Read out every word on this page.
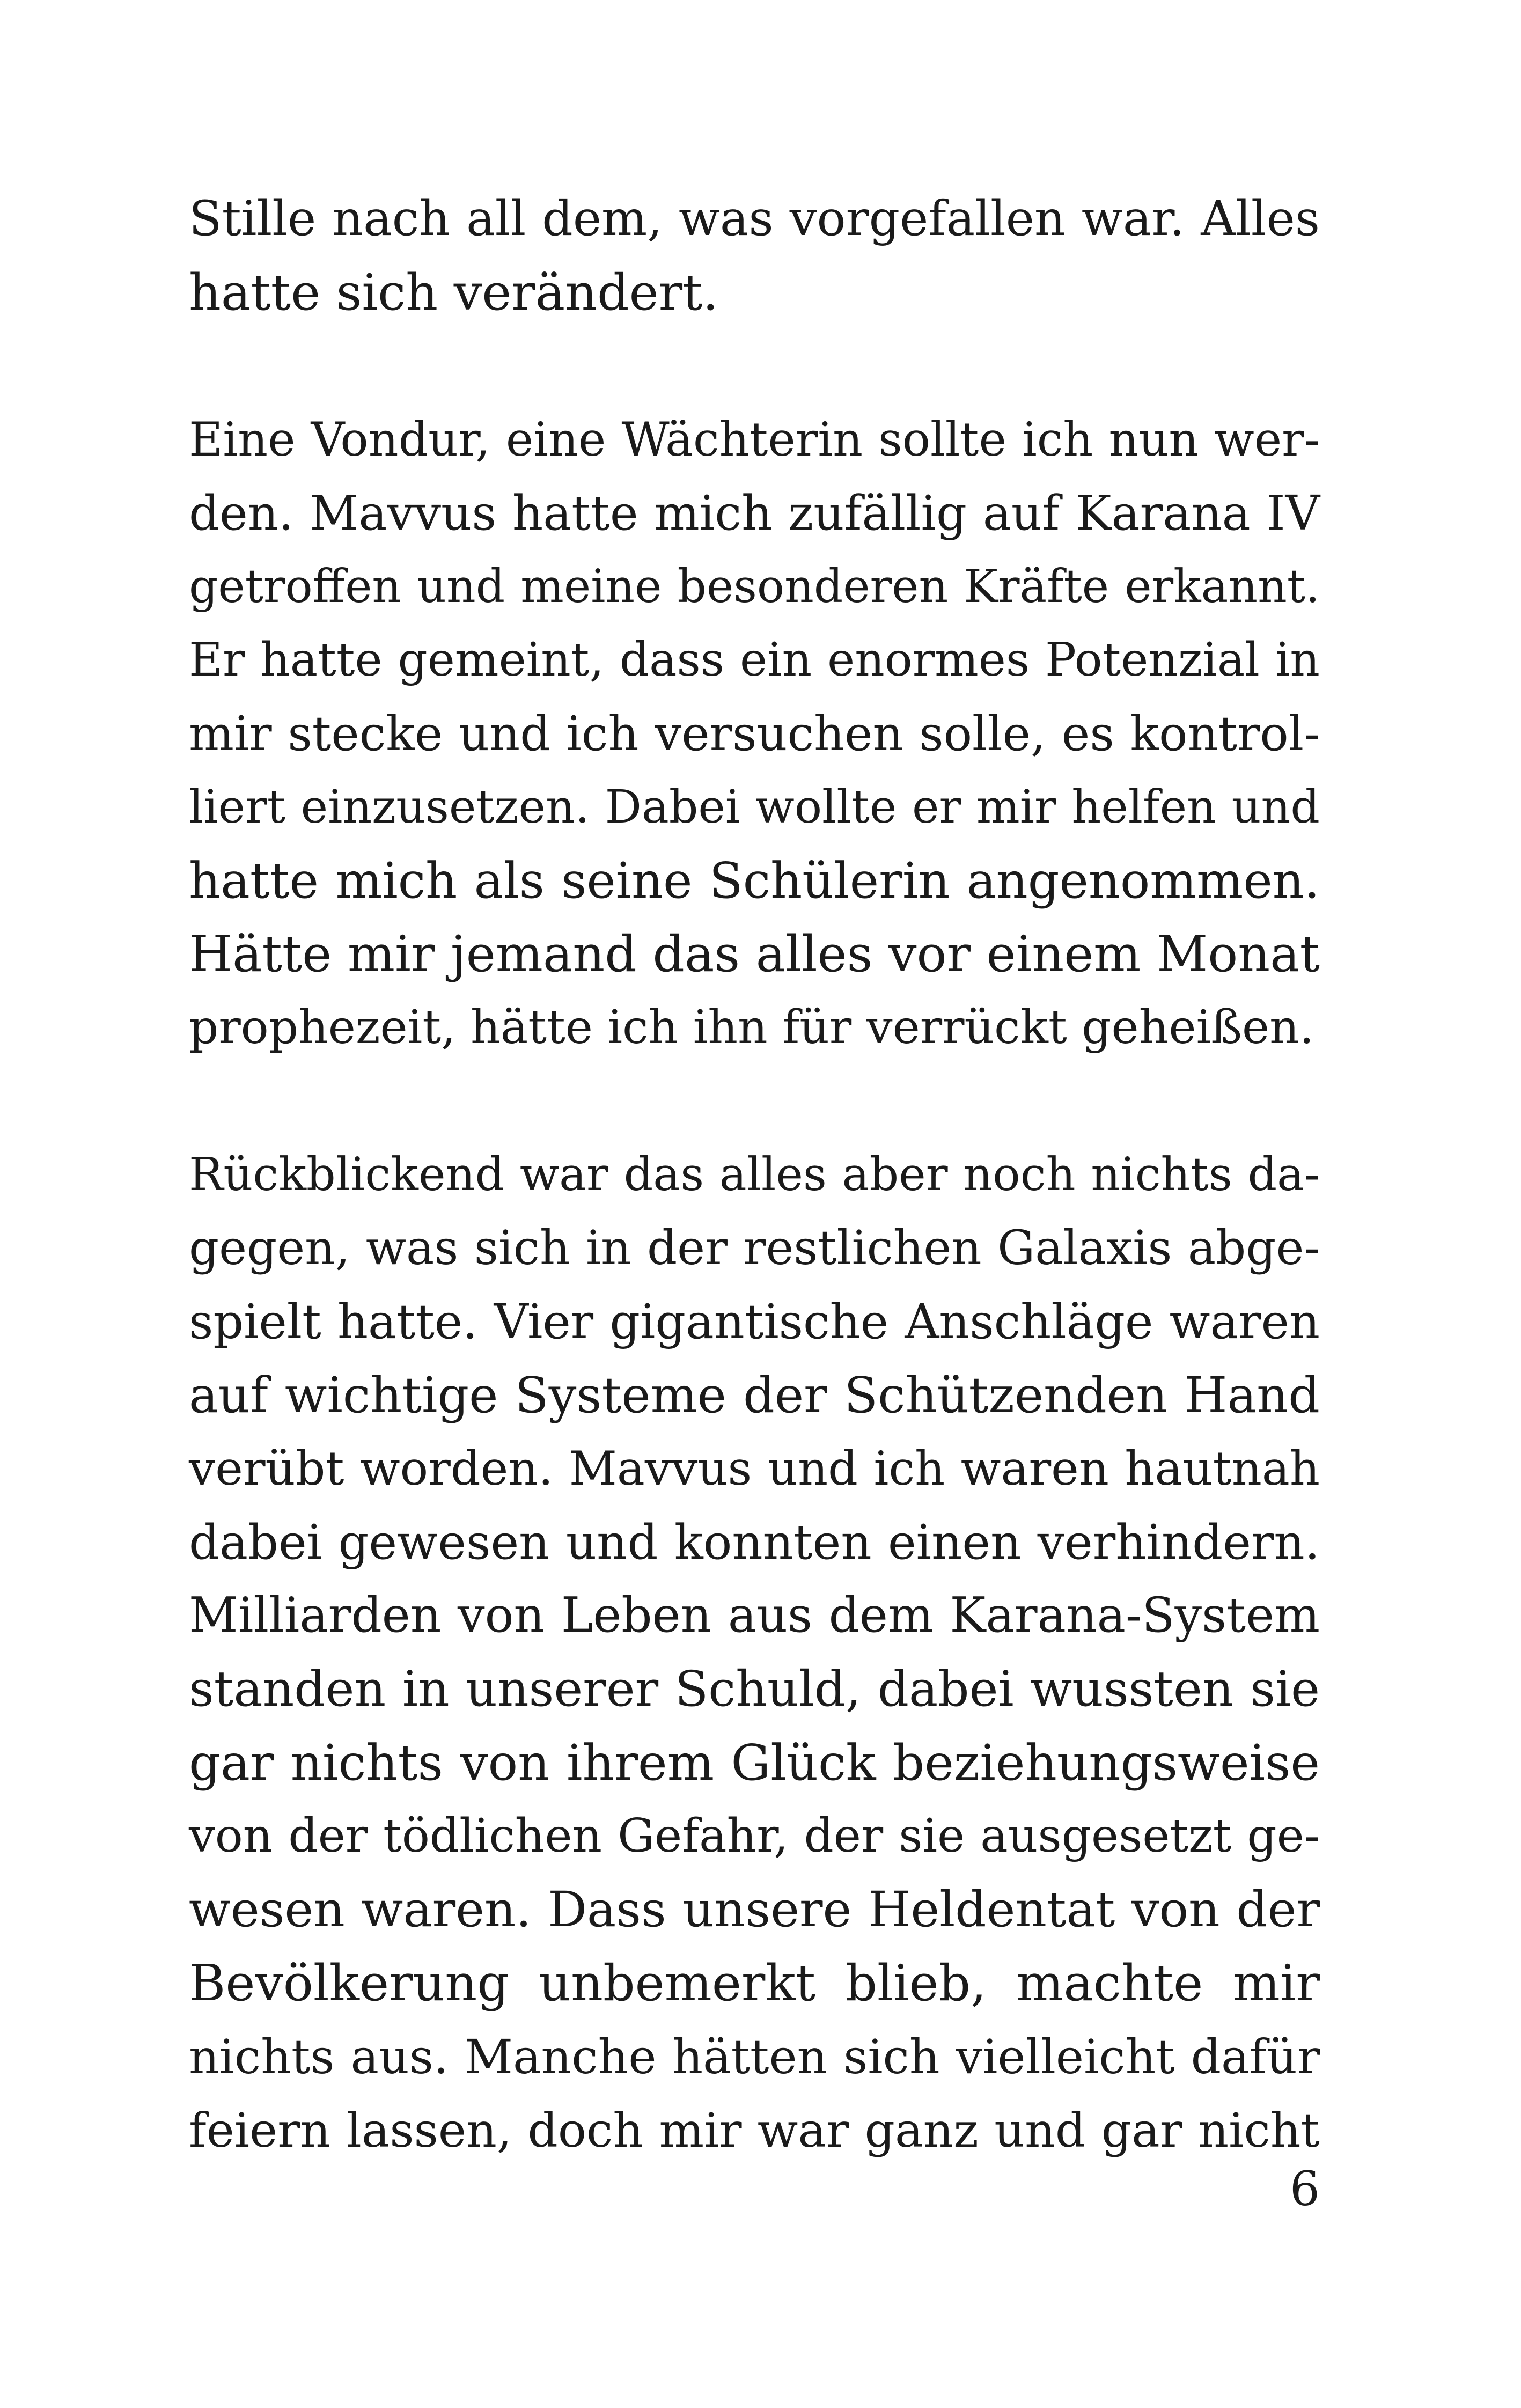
Stille nach all dem, was vorgefallen war. Alles
hatte sich verändert.
Eine Vondur, eine Wächterin sollte ich nun wer-
den. Mavvus hatte mich zufällig auf Karana IV
getroffen und meine besonderen Kräfte erkannt.
Er hatte gemeint, dass ein enormes Potenzial in
mir stecke und ich versuchen solle, es kontrol-
liert einzusetzen. Dabei wollte er mir helfen und
hatte mich als seine Schülerin angenommen.
Hätte mir jemand das alles vor einem Monat
prophezeit, hätte ich ihn für verrückt geheißen.
Rückblickend war das alles aber noch nichts da-
gegen, was sich in der restlichen Galaxis abge-
spielt hatte. Vier gigantische Anschläge waren
auf wichtige Systeme der Schützenden Hand
verübt worden. Mavvus und ich waren hautnah
dabei gewesen und konnten einen verhindern.
Milliarden von Leben aus dem Karana-System
standen in unserer Schuld, dabei wussten sie
gar nichts von ihrem Glück beziehungsweise
von der tödlichen Gefahr, der sie ausgesetzt ge-
wesen waren. Dass unsere Heldentat von der
Bevölkerung unbemerkt blieb, machte mir
nichts aus. Manche hätten sich vielleicht dafür
feiern lassen, doch mir war ganz und gar nicht
6
